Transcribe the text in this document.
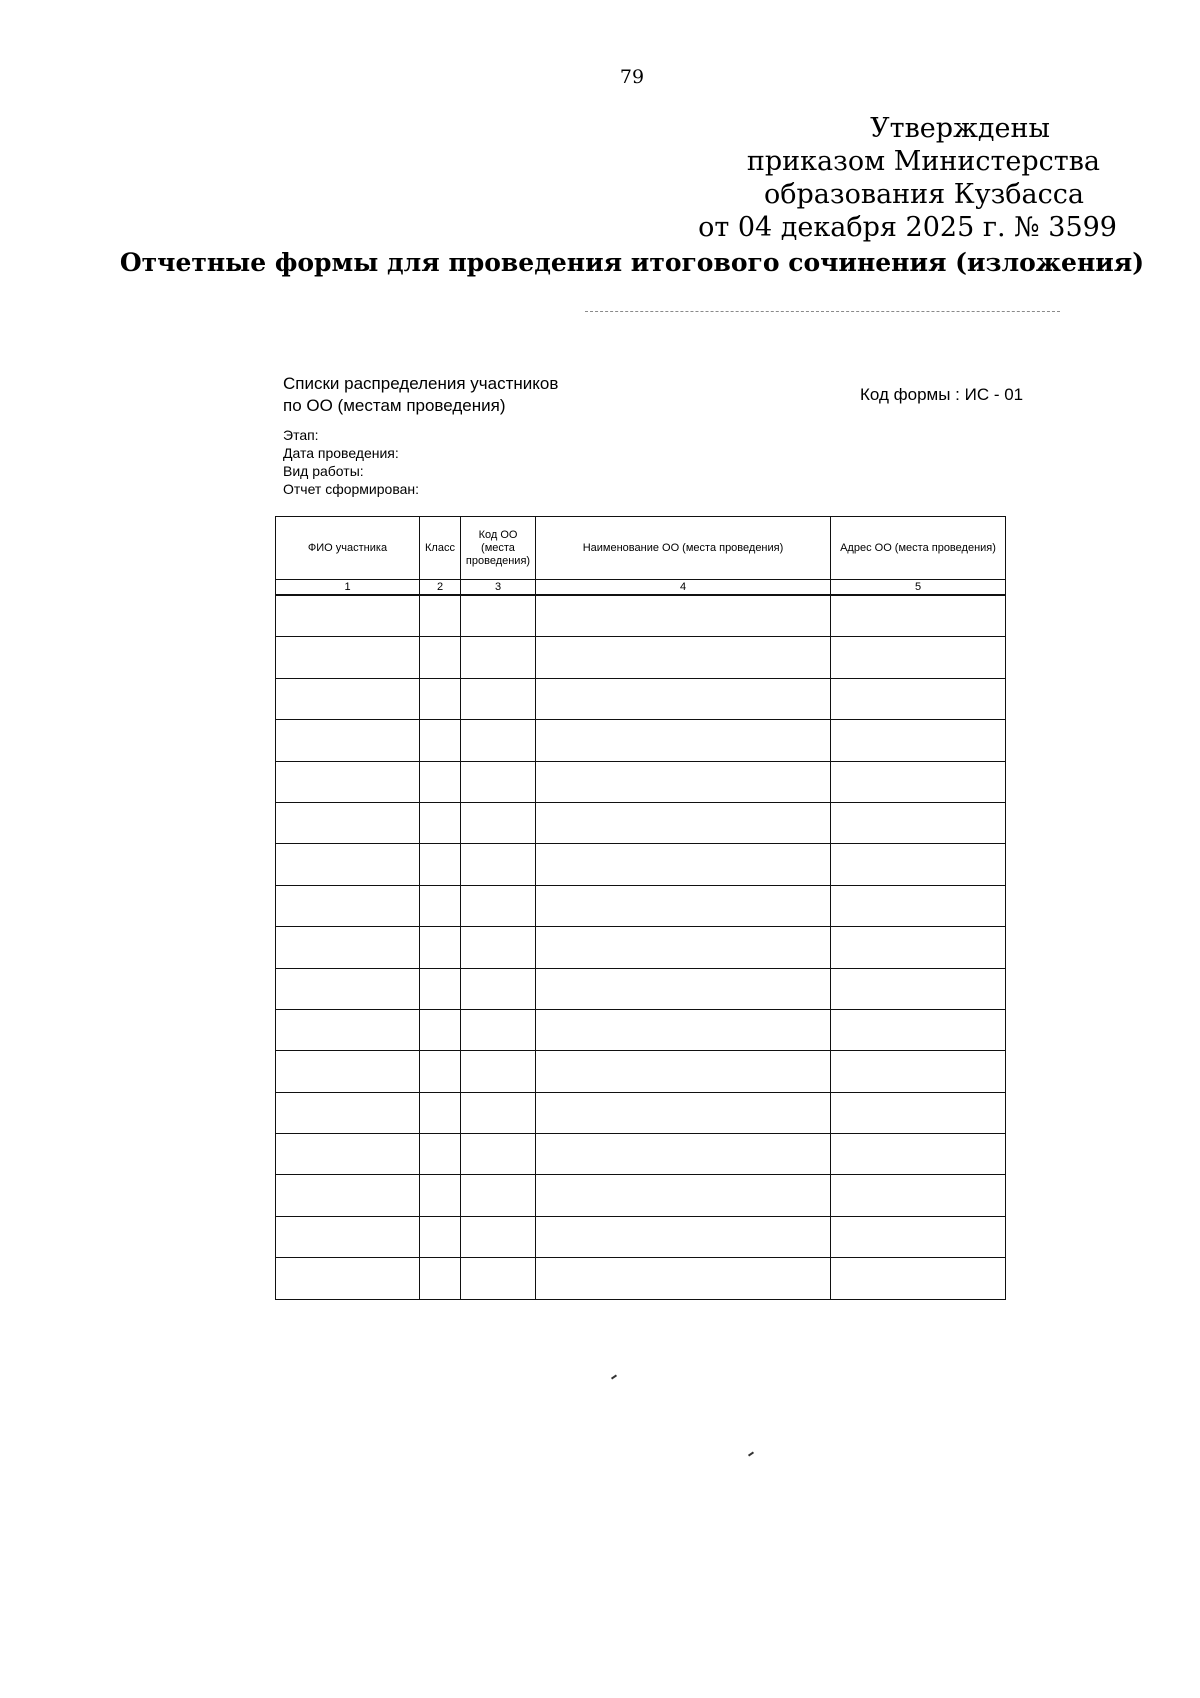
79
Утверждены
приказом Министерства
образования Кузбасса
от 04 декабря 2025 г. № 3599
Отчетные формы для проведения итогового сочинения (изложения)
Списки распределения участников
по ОО (местам проведения)
Код формы : ИС - 01
Этап:
Дата проведения:
Вид работы:
Отчет сформирован:
ФИО участника	Класс	Код ОО (места проведения)	Наименование ОО (места проведения)	Адрес ОО (места проведения)
1	2	3	4	5
